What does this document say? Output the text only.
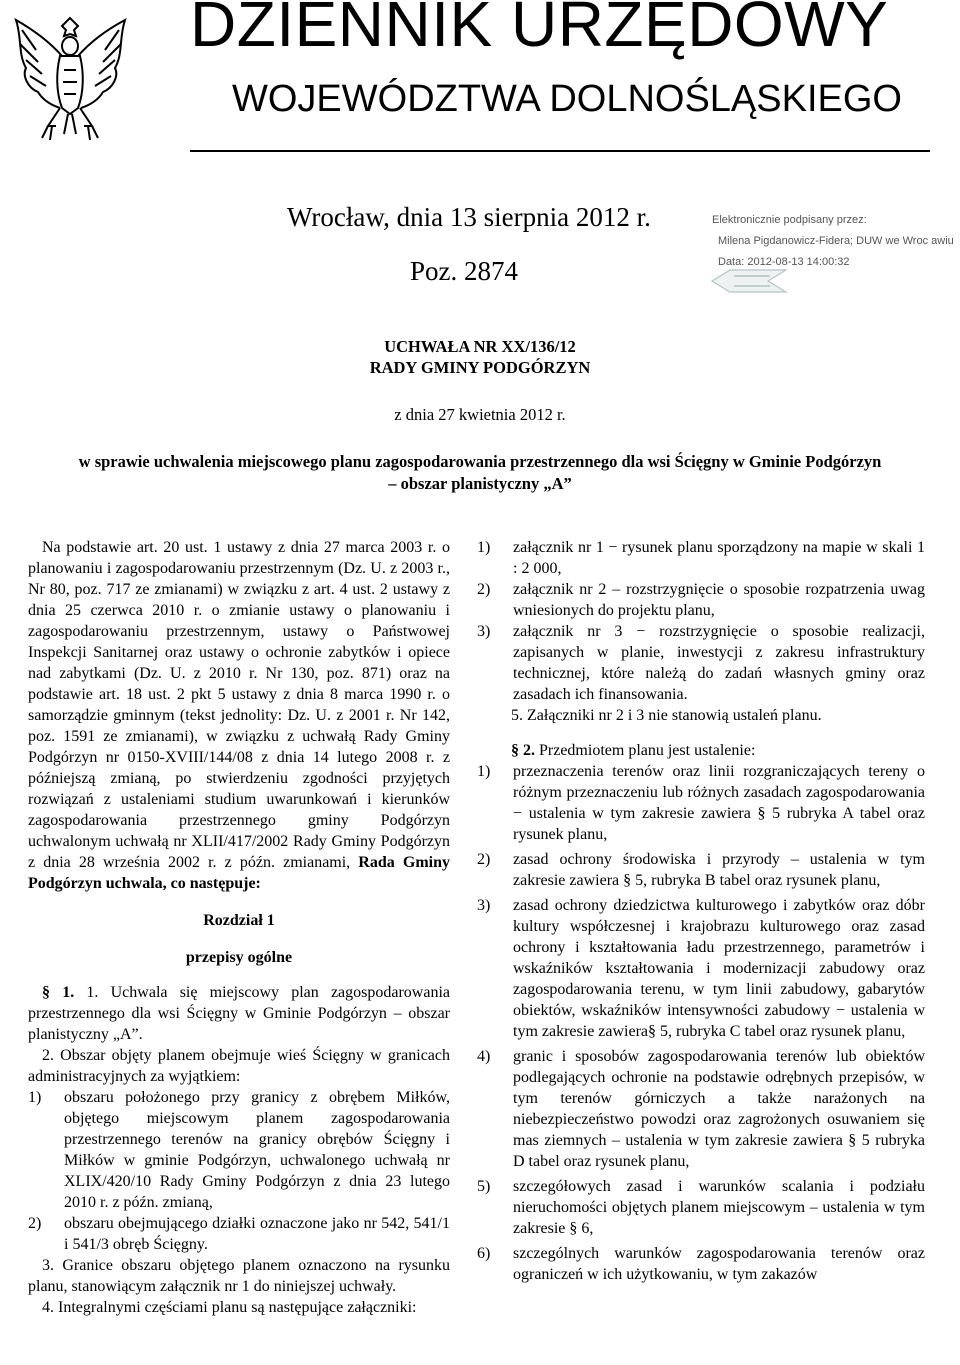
DZIENNIK URZĘDOWY
WOJEWÓDZTWA DOLNOŚLĄSKIEGO
Wrocław, dnia 13 sierpnia 2012 r.
Poz. 2874
Elektronicznie podpisany przez:
Milena Pigdanowicz-Fidera; DUW we Wroc awiu
Data: 2012-08-13 14:00:32
UCHWAŁA NR XX/136/12
RADY GMINY PODGÓRZYN
z dnia 27 kwietnia 2012 r.
w sprawie uchwalenia miejscowego planu zagospodarowania przestrzennego dla wsi Ścięgny w Gminie Podgórzyn
– obszar planistyczny „A”

Na podstawie art. 20 ust. 1 ustawy z dnia 27 marca 2003 r. o planowaniu i zagospodarowaniu przestrzennym (Dz. U. z 2003 r., Nr 80, poz. 717 ze zmianami) w związku z art. 4 ust. 2 ustawy z dnia 25 czerwca 2010 r. o zmianie ustawy o planowaniu i zagospodarowaniu przestrzennym, ustawy o Państwowej Inspekcji Sanitarnej oraz ustawy o ochronie zabytków i opiece nad zabytkami (Dz. U. z 2010 r. Nr 130, poz. 871) oraz na podstawie art. 18 ust. 2 pkt 5 ustawy z dnia 8 marca 1990 r. o samorządzie gminnym (tekst jednolity: Dz. U. z 2001 r. Nr 142, poz. 1591 ze zmianami), w związku z uchwałą Rady Gminy Podgórzyn nr 0150-XVIII/144/08 z dnia 14 lutego 2008 r. z późniejszą zmianą, po stwierdzeniu zgodności przyjętych rozwiązań z ustaleniami studium uwarunkowań i kierunków zagospodarowania przestrzennego gminy Podgórzyn uchwalonym uchwałą nr XLII/417/2002 Rady Gminy Podgórzyn z dnia 28 września 2002 r. z późn. zmianami, Rada Gminy Podgórzyn uchwala, co następuje:

Rozdział 1

przepisy ogólne

§ 1. 1. Uchwala się miejscowy plan zagospodarowania przestrzennego dla wsi Ścięgny w Gminie Podgórzyn – obszar planistyczny „A”.

2. Obszar objęty planem obejmuje wieś Ścięgny w granicach administracyjnych za wyjątkiem:

1)	obszaru położonego przy granicy z obrębem Miłków, objętego miejscowym planem zagospodarowania przestrzennego terenów na granicy obrębów Ścięgny i Miłków w gminie Podgórzyn, uchwalonego uchwałą nr XLIX/420/10 Rady Gminy Podgórzyn z dnia 23 lutego 2010 r. z późn. zmianą,
2)	obszaru obejmującego działki oznaczone jako nr 542, 541/1 i 541/3 obręb Ścięgny.

3. Granice obszaru objętego planem oznaczono na rysunku planu, stanowiącym załącznik nr 1 do niniejszej uchwały.

4. Integralnymi częściami planu są następujące załączniki:

1)	załącznik nr 1 − rysunek planu sporządzony na mapie w skali 1 : 2 000,
2)	załącznik nr 2 – rozstrzygnięcie o sposobie rozpatrzenia uwag wniesionych do projektu planu,
3)	załącznik nr 3 − rozstrzygnięcie o sposobie realizacji, zapisanych w planie, inwestycji z zakresu infrastruktury technicznej, które należą do zadań własnych gminy oraz zasadach ich finansowania.

5. Załączniki nr 2 i 3 nie stanowią ustaleń planu.

§ 2. Przedmiotem planu jest ustalenie:

1)	przeznaczenia terenów oraz linii rozgraniczających tereny o różnym przeznaczeniu lub różnych zasadach zagospodarowania − ustalenia w tym zakresie zawiera § 5 rubryka A tabel oraz rysunek planu,
2)	zasad ochrony środowiska i przyrody – ustalenia w tym zakresie zawiera § 5, rubryka B tabel oraz rysunek planu,
3)	zasad ochrony dziedzictwa kulturowego i zabytków oraz dóbr kultury współczesnej i krajobrazu kulturowego oraz zasad ochrony i kształtowania ładu przestrzennego, parametrów i wskaźników kształtowania i modernizacji zabudowy oraz zagospodarowania terenu, w tym linii zabudowy, gabarytów obiektów, wskaźników intensywności zabudowy − ustalenia w tym zakresie zawiera§ 5, rubryka C tabel oraz rysunek planu,
4)	granic i sposobów zagospodarowania terenów lub obiektów podlegających ochronie na podstawie odrębnych przepisów, w tym terenów górniczych a także narażonych na niebezpieczeństwo powodzi oraz zagrożonych osuwaniem się mas ziemnych – ustalenia w tym zakresie zawiera § 5 rubryka D tabel oraz rysunek planu,
5)	szczegółowych zasad i warunków scalania i podziału nieruchomości objętych planem miejscowym – ustalenia w tym zakresie § 6,
6)	szczególnych warunków zagospodarowania terenów oraz ograniczeń w ich użytkowaniu, w tym zakazów
